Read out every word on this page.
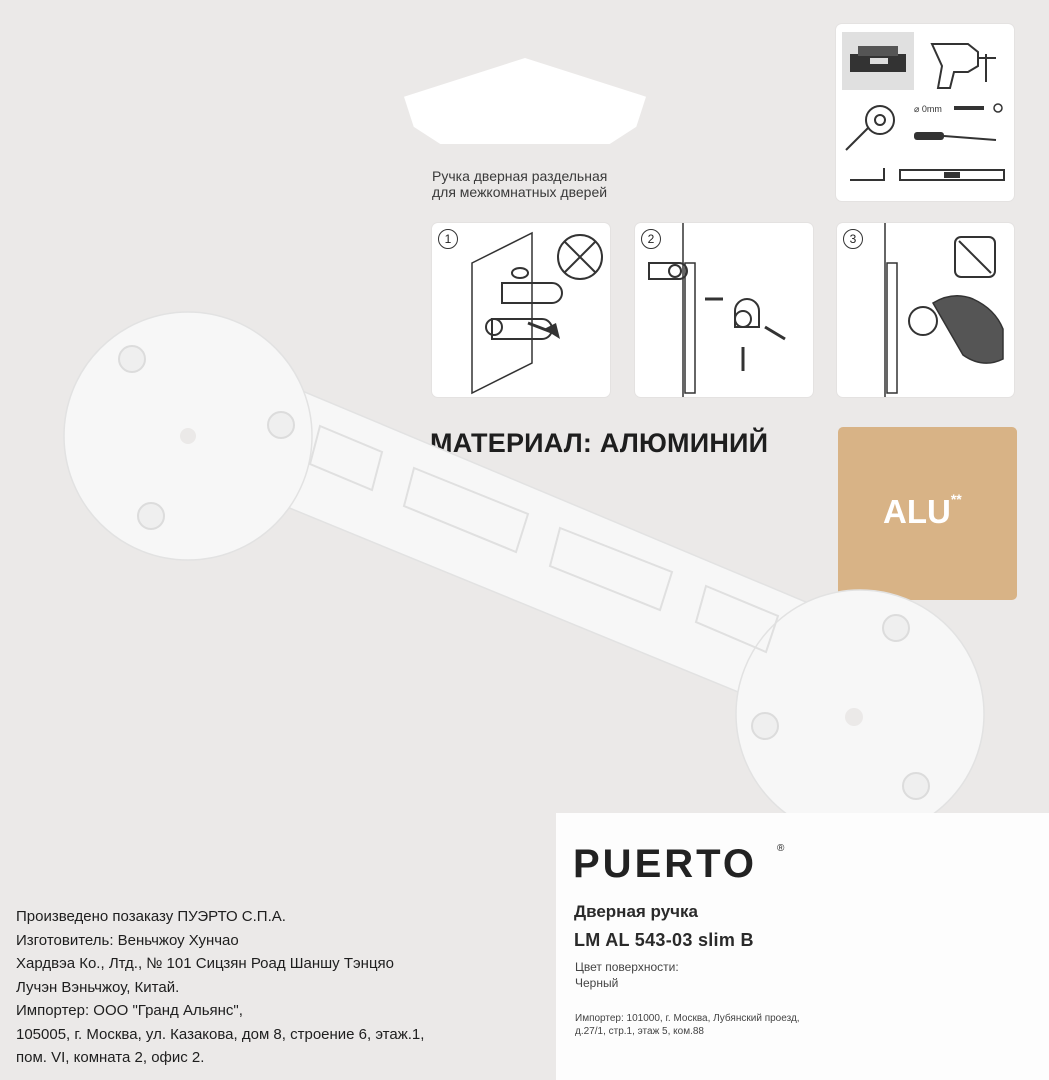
Ручка дверная раздельная
для межкомнатных дверей
⌀ 0mm
1	2	3
МАТЕРИАЛ: АЛЮМИНИЙ
ALU**
PUERTO ®
Дверная ручка
LM AL 543-03 slim B
Цвет поверхности:
Черный
Импортер: 101000, г. Москва, Лубянский проезд,
д.27/1, стр.1, этаж 5, ком.88
Произведено позаказу ПУЭРТО С.П.А.
Изготовитель: Веньчжоу Хунчао
Хардвэа Ко., Лтд., № 101 Сицзян Роад Шаншу Тэнцяо
Лучэн Вэньчжоу, Китай.
Импортер: ООО "Гранд Альянс",
105005, г. Москва, ул. Казакова, дом 8, строение 6, этаж.1,
пом. VI, комната 2, офис 2.
